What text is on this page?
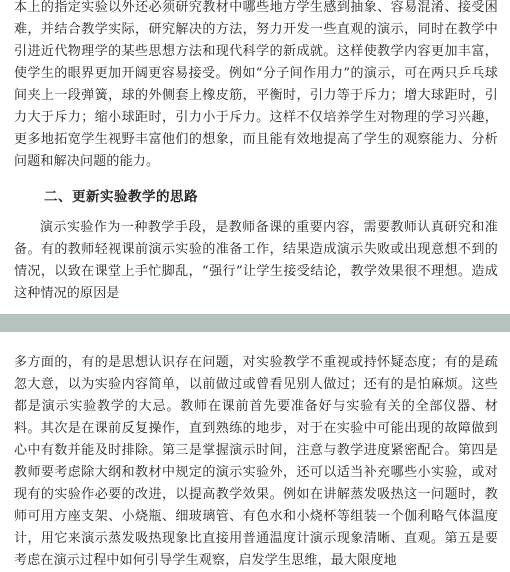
本上的指定实验以外还必须研究教材中哪些地方学生感到抽象、容易混淆、接受困难，并结合教学实际，研究解决的方法，努力开发一些直观的演示，同时在教学中引进近代物理学的某些思想方法和现代科学的新成就。这样使教学内容更加丰富，使学生的眼界更加开阔更容易接受。例如“分子间作用力”的演示，可在两只乒乓球间夹上一段弹簧，球的外侧套上橡皮筋，平衡时，引力等于斥力；增大球距时，引力大于斥力；缩小球距时，引力小于斥力。这样不仅培养学生对物理的学习兴趣，更多地拓宽学生视野丰富他们的想象，而且能有效地提高了学生的观察能力、分析问题和解决问题的能力。

二、更新实验教学的思路

演示实验作为一种教学手段，是教师备课的重要内容，需要教师认真研究和准备。有的教师轻视课前演示实验的准备工作，结果造成演示失败或出现意想不到的情况，以致在课堂上手忙脚乱，“强行”让学生接受结论，教学效果很不理想。造成这种情况的原因是

多方面的，有的是思想认识存在问题，对实验教学不重视或持怀疑态度；有的是疏忽大意，以为实验内容简单，以前做过或曾看见别人做过；还有的是怕麻烦。这些都是演示实验教学的大忌。教师在课前首先要准备好与实验有关的全部仪器、材料。其次是在课前反复操作，直到熟练的地步，对于在实验中可能出现的故障做到心中有数并能及时排除。第三是掌握演示时间，注意与教学进度紧密配合。第四是教师要考虑除大纲和教材中规定的演示实验外，还可以适当补充哪些小实验，或对现有的实验作必要的改进，以提高教学效果。例如在讲解蒸发吸热这一问题时，教师可用方座支架、小烧瓶、细玻璃管、有色水和小烧杯等组装一个伽利略气体温度计，用它来演示蒸发吸热现象比直接用普通温度计演示现象清晰、直观。第五是要考虑在演示过程中如何引导学生观察，启发学生思维，最大限度地
